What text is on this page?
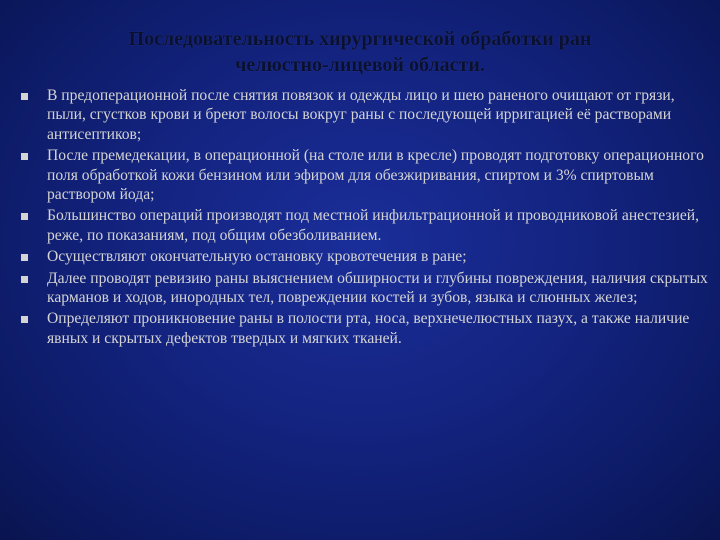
Последовательность хирургической обработки ран
челюстно-лицевой области.
В предоперационной после снятия повязок и одежды лицо и шею раненого очищают от грязи, пыли, сгустков крови и бреют волосы вокруг раны с последующей ирригацией её растворами антисептиков;
После премедекации, в операционной (на столе или в кресле) проводят подготовку операционного поля обработкой кожи бензином или эфиром для обезжиривания, спиртом и 3% спиртовым раствором йода;
Большинство операций производят под местной инфильтрационной и проводниковой анестезией, реже, по показаниям, под общим обезболиванием.
Осуществляют окончательную остановку кровотечения в ране;
Далее проводят ревизию раны выяснением обширности и глубины повреждения, наличия скрытых карманов и ходов, инородных тел, повреждении костей и зубов, языка и слюнных желез;
Определяют проникновение раны в полости рта, носа, верхнечелюстных пазух, а также наличие явных и скрытых дефектов твердых и мягких тканей.
